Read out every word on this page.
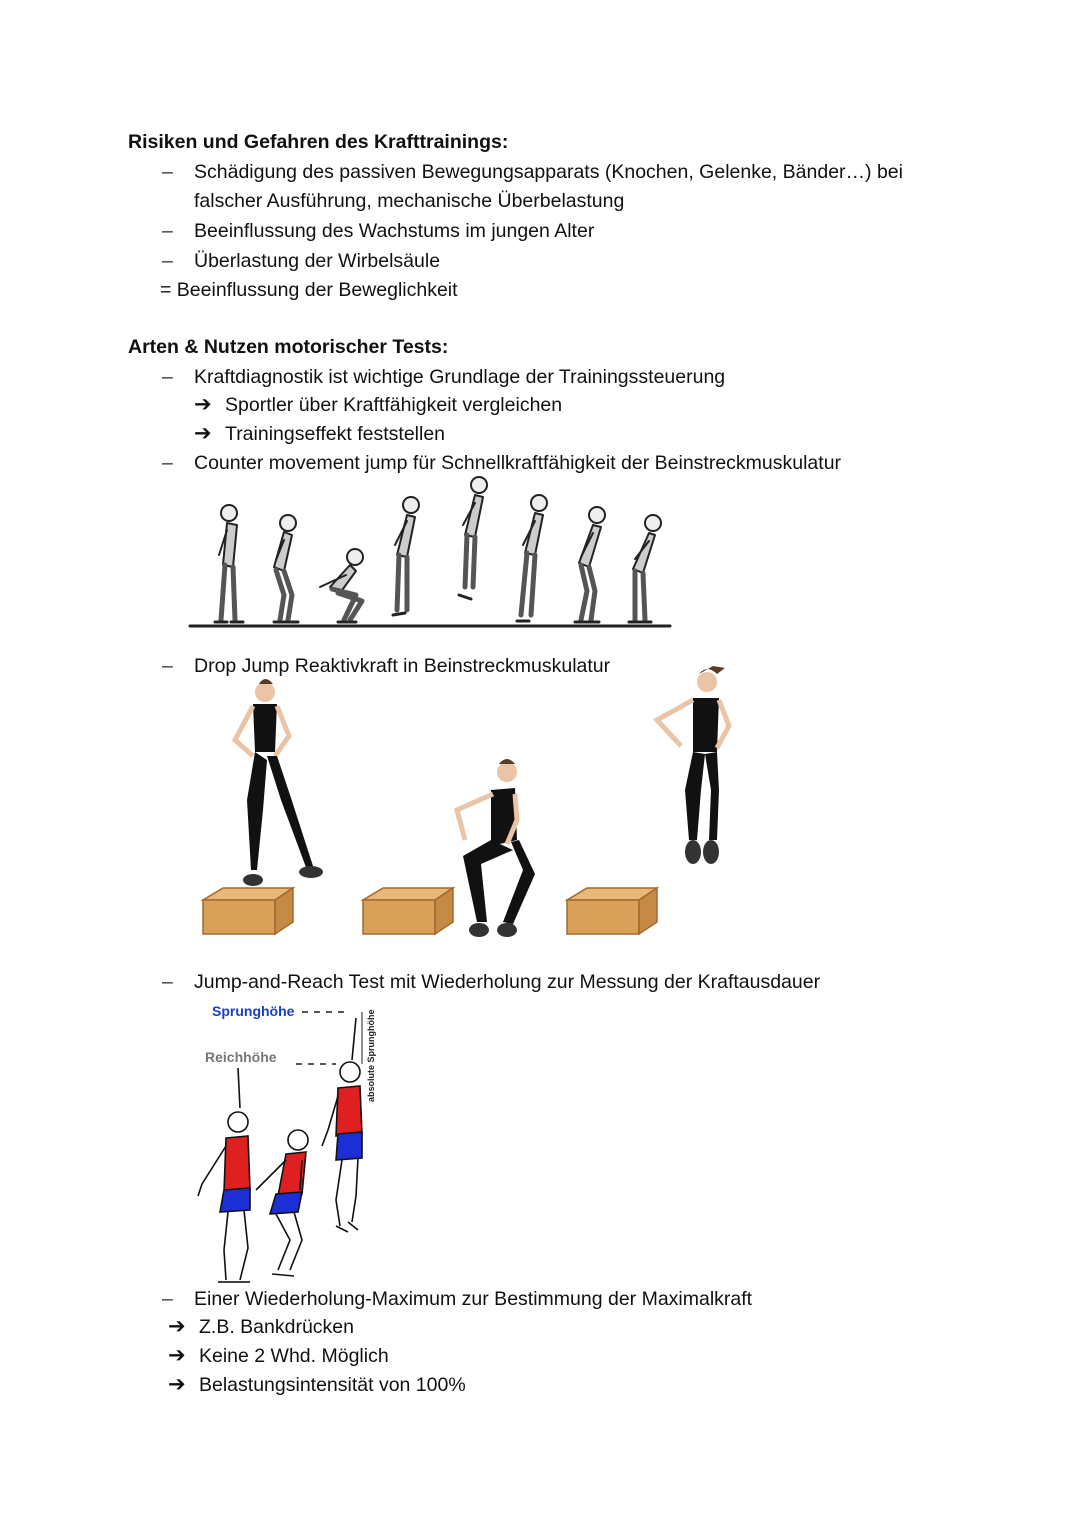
Risiken und Gefahren des Krafttrainings:
– Schädigung des passiven Bewegungsapparats (Knochen, Gelenke, Bänder…) bei
falscher Ausführung, mechanische Überbelastung
– Beeinflussung des Wachstums im jungen Alter
– Überlastung der Wirbelsäule
= Beeinflussung der Beweglichkeit
Arten & Nutzen motorischer Tests:
– Kraftdiagnostik ist wichtige Grundlage der Trainingssteuerung
➔ Sportler über Kraftfähigkeit vergleichen
➔ Trainingseffekt feststellen
– Counter movement jump für Schnellkraftfähigkeit der Beinstreckmuskulatur
– Drop Jump Reaktivkraft in Beinstreckmuskulatur
– Jump-and-Reach Test mit Wiederholung zur Messung der Kraftausdauer
Sprunghöhe
Reichhöhe	absolute Sprunghöhe
– Einer Wiederholung-Maximum zur Bestimmung der Maximalkraft
➔ Z.B. Bankdrücken
➔ Keine 2 Whd. Möglich
➔ Belastungsintensität von 100%
